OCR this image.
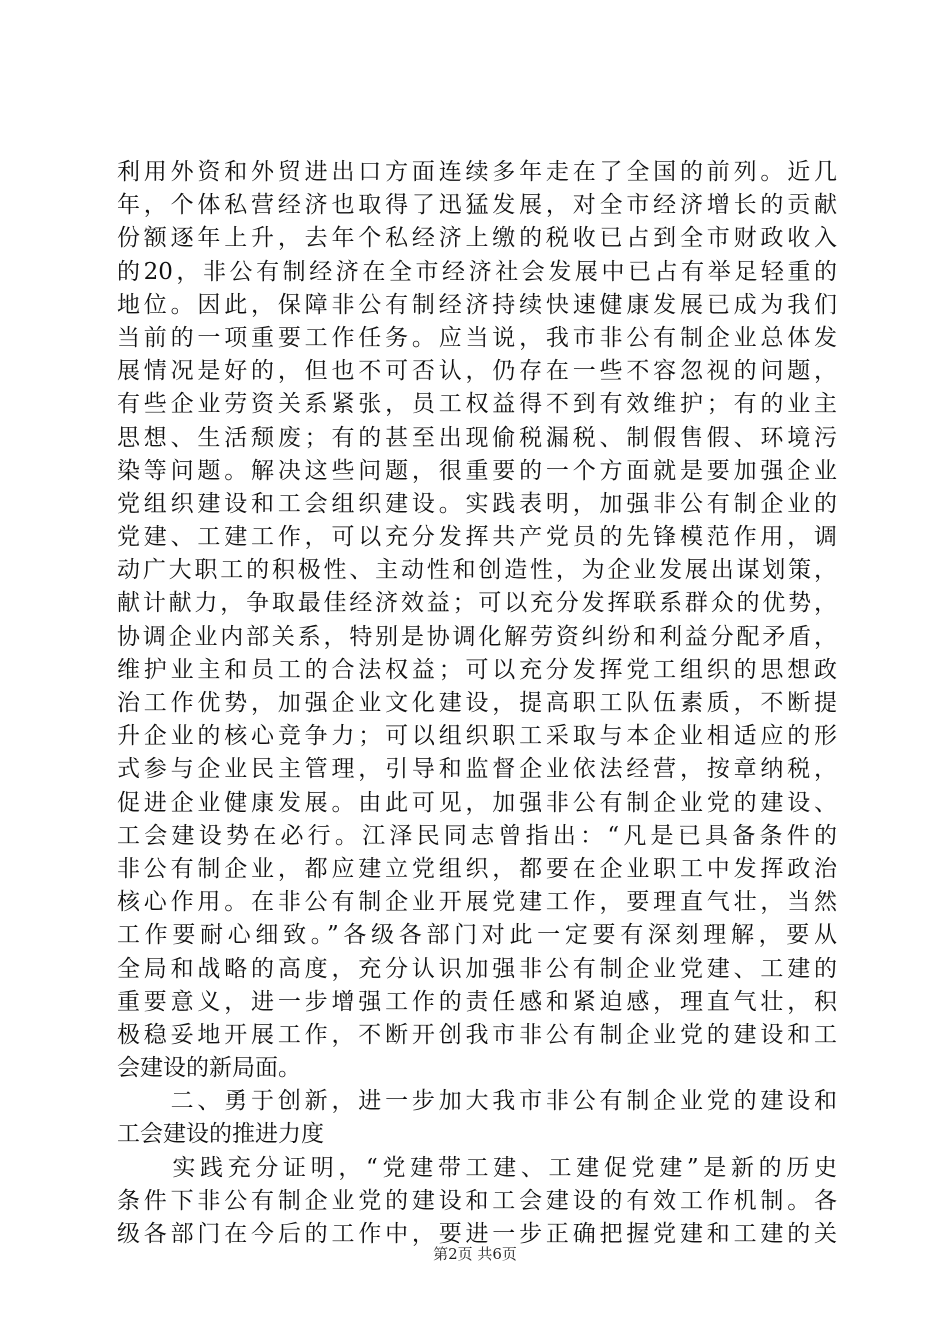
利用外资和外贸进出口方面连续多年走在了全国的前列。近几
年，个体私营经济也取得了迅猛发展，对全市经济增长的贡献
份额逐年上升，去年个私经济上缴的税收已占到全市财政收入
的20，非公有制经济在全市经济社会发展中已占有举足轻重的
地位。因此，保障非公有制经济持续快速健康发展已成为我们
当前的一项重要工作任务。应当说，我市非公有制企业总体发
展情况是好的，但也不可否认，仍存在一些不容忽视的问题，
有些企业劳资关系紧张，员工权益得不到有效维护；有的业主
思想、生活颓废；有的甚至出现偷税漏税、制假售假、环境污
染等问题。解决这些问题，很重要的一个方面就是要加强企业
党组织建设和工会组织建设。实践表明，加强非公有制企业的
党建、工建工作，可以充分发挥共产党员的先锋模范作用，调
动广大职工的积极性、主动性和创造性，为企业发展出谋划策，
献计献力，争取最佳经济效益；可以充分发挥联系群众的优势，
协调企业内部关系，特别是协调化解劳资纠纷和利益分配矛盾，
维护业主和员工的合法权益；可以充分发挥党工组织的思想政
治工作优势，加强企业文化建设，提高职工队伍素质，不断提
升企业的核心竞争力；可以组织职工采取与本企业相适应的形
式参与企业民主管理，引导和监督企业依法经营，按章纳税，
促进企业健康发展。由此可见，加强非公有制企业党的建设、
工会建设势在必行。江泽民同志曾指出：“凡是已具备条件的
非公有制企业，都应建立党组织，都要在企业职工中发挥政治
核心作用。在非公有制企业开展党建工作，要理直气壮，当然
工作要耐心细致。”各级各部门对此一定要有深刻理解，要从
全局和战略的高度，充分认识加强非公有制企业党建、工建的
重要意义，进一步增强工作的责任感和紧迫感，理直气壮，积
极稳妥地开展工作，不断开创我市非公有制企业党的建设和工
会建设的新局面。
　　二、勇于创新，进一步加大我市非公有制企业党的建设和
工会建设的推进力度
　　实践充分证明，“党建带工建、工建促党建”是新的历史
条件下非公有制企业党的建设和工会建设的有效工作机制。各
级各部门在今后的工作中，要进一步正确把握党建和工建的关
第2页 共6页
